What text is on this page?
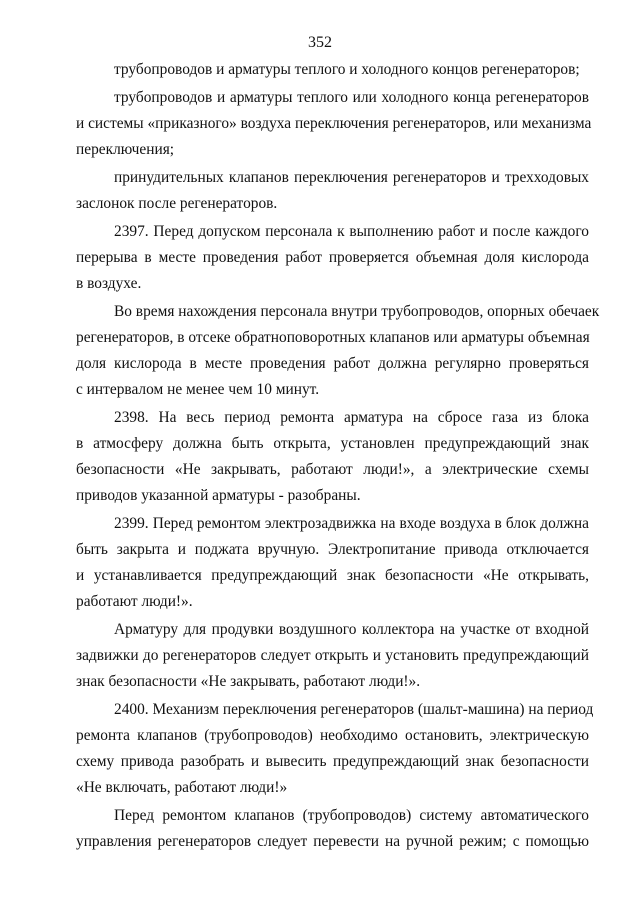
352
трубопроводов и арматуры теплого и холодного концов регенераторов;
трубопроводов и арматуры теплого или холодного конца регенераторов
и системы «приказного» воздуха переключения регенераторов, или механизма
переключения;
принудительных клапанов переключения регенераторов и трехходовых
заслонок после регенераторов.
2397. Перед допуском персонала к выполнению работ и после каждого
перерыва в месте проведения работ проверяется объемная доля кислорода
в воздухе.
Во время нахождения персонала внутри трубопроводов, опорных обечаек
регенераторов, в отсеке обратноповоротных клапанов или арматуры объемная
доля кислорода в месте проведения работ должна регулярно проверяться
с интервалом не менее чем 10 минут.
2398. На весь период ремонта арматура на сбросе газа из блока
в атмосферу должна быть открыта, установлен предупреждающий знак
безопасности «Не закрывать, работают люди!», а электрические схемы
приводов указанной арматуры - разобраны.
2399. Перед ремонтом электрозадвижка на входе воздуха в блок должна
быть закрыта и поджата вручную. Электропитание привода отключается
и устанавливается предупреждающий знак безопасности «Не открывать,
работают люди!».
Арматуру для продувки воздушного коллектора на участке от входной
задвижки до регенераторов следует открыть и установить предупреждающий
знак безопасности «Не закрывать, работают люди!».
2400. Механизм переключения регенераторов (шальт-машина) на период
ремонта клапанов (трубопроводов) необходимо остановить, электрическую
схему привода разобрать и вывесить предупреждающий знак безопасности
«Не включать, работают люди!»
Перед ремонтом клапанов (трубопроводов) систему автоматического
управления регенераторов следует перевести на ручной режим; с помощью
